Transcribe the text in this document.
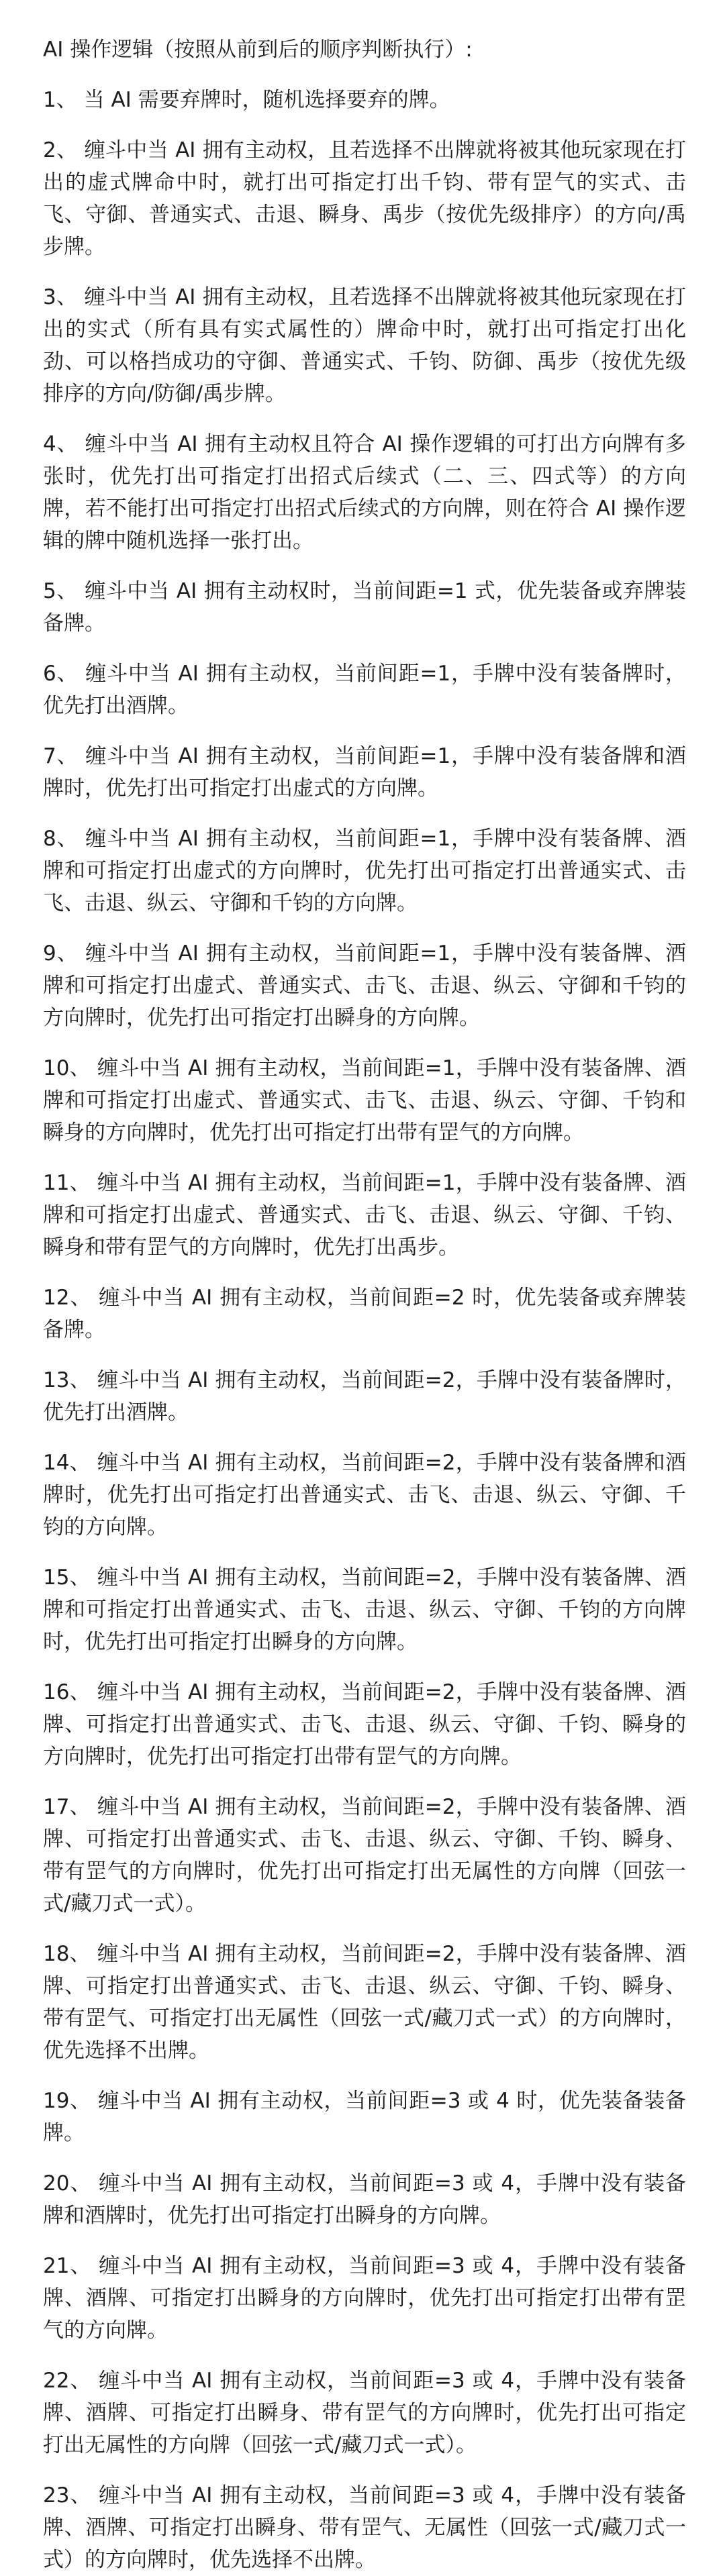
AI 操作逻辑（按照从前到后的顺序判断执行）:

1、 当 AI 需要弃牌时，随机选择要弃的牌。
2、 缠斗中当 AI 拥有主动权，且若选择不出牌就将被其他玩家现在打出的虚式牌命中时，就打出可指定打出千钧、带有罡气的实式、击飞、守御、普通实式、击退、瞬身、禹步（按优先级排序）的方向/禹步牌。
3、 缠斗中当 AI 拥有主动权，且若选择不出牌就将被其他玩家现在打出的实式（所有具有实式属性的）牌命中时，就打出可指定打出化劲、可以格挡成功的守御、普通实式、千钧、防御、禹步（按优先级排序的方向/防御/禹步牌。
4、 缠斗中当 AI 拥有主动权且符合 AI 操作逻辑的可打出方向牌有多张时，优先打出可指定打出招式后续式（二、三、四式等）的方向牌，若不能打出可指定打出招式后续式的方向牌，则在符合 AI 操作逻辑的牌中随机选择一张打出。
5、 缠斗中当 AI 拥有主动权时，当前间距=1 式，优先装备或弃牌装备牌。
6、 缠斗中当 AI 拥有主动权，当前间距=1，手牌中没有装备牌时，优先打出酒牌。
7、 缠斗中当 AI 拥有主动权，当前间距=1，手牌中没有装备牌和酒牌时，优先打出可指定打出虚式的方向牌。
8、 缠斗中当 AI 拥有主动权，当前间距=1，手牌中没有装备牌、酒牌和可指定打出虚式的方向牌时，优先打出可指定打出普通实式、击飞、击退、纵云、守御和千钧的方向牌。
9、 缠斗中当 AI 拥有主动权，当前间距=1，手牌中没有装备牌、酒牌和可指定打出虚式、普通实式、击飞、击退、纵云、守御和千钧的方向牌时，优先打出可指定打出瞬身的方向牌。
10、 缠斗中当 AI 拥有主动权，当前间距=1，手牌中没有装备牌、酒牌和可指定打出虚式、普通实式、击飞、击退、纵云、守御、千钧和瞬身的方向牌时，优先打出可指定打出带有罡气的方向牌。
11、 缠斗中当 AI 拥有主动权，当前间距=1，手牌中没有装备牌、酒牌和可指定打出虚式、普通实式、击飞、击退、纵云、守御、千钧、瞬身和带有罡气的方向牌时，优先打出禹步。
12、 缠斗中当 AI 拥有主动权，当前间距=2 时，优先装备或弃牌装备牌。
13、 缠斗中当 AI 拥有主动权，当前间距=2，手牌中没有装备牌时，优先打出酒牌。
14、 缠斗中当 AI 拥有主动权，当前间距=2，手牌中没有装备牌和酒牌时，优先打出可指定打出普通实式、击飞、击退、纵云、守御、千钧的方向牌。
15、 缠斗中当 AI 拥有主动权，当前间距=2，手牌中没有装备牌、酒牌和可指定打出普通实式、击飞、击退、纵云、守御、千钧的方向牌时，优先打出可指定打出瞬身的方向牌。
16、 缠斗中当 AI 拥有主动权，当前间距=2，手牌中没有装备牌、酒牌、可指定打出普通实式、击飞、击退、纵云、守御、千钧、瞬身的方向牌时，优先打出可指定打出带有罡气的方向牌。
17、 缠斗中当 AI 拥有主动权，当前间距=2，手牌中没有装备牌、酒牌、可指定打出普通实式、击飞、击退、纵云、守御、千钧、瞬身、带有罡气的方向牌时，优先打出可指定打出无属性的方向牌（回弦一式/藏刀式一式）。
18、 缠斗中当 AI 拥有主动权，当前间距=2，手牌中没有装备牌、酒牌、可指定打出普通实式、击飞、击退、纵云、守御、千钧、瞬身、带有罡气、可指定打出无属性（回弦一式/藏刀式一式）的方向牌时，优先选择不出牌。
19、 缠斗中当 AI 拥有主动权，当前间距=3 或 4 时，优先装备装备牌。
20、 缠斗中当 AI 拥有主动权，当前间距=3 或 4，手牌中没有装备牌和酒牌时，优先打出可指定打出瞬身的方向牌。
21、 缠斗中当 AI 拥有主动权，当前间距=3 或 4，手牌中没有装备牌、酒牌、可指定打出瞬身的方向牌时，优先打出可指定打出带有罡气的方向牌。
22、 缠斗中当 AI 拥有主动权，当前间距=3 或 4，手牌中没有装备牌、酒牌、可指定打出瞬身、带有罡气的方向牌时，优先打出可指定打出无属性的方向牌（回弦一式/藏刀式一式）。
23、 缠斗中当 AI 拥有主动权，当前间距=3 或 4，手牌中没有装备牌、酒牌、可指定打出瞬身、带有罡气、无属性（回弦一式/藏刀式一式）的方向牌时，优先选择不出牌。
